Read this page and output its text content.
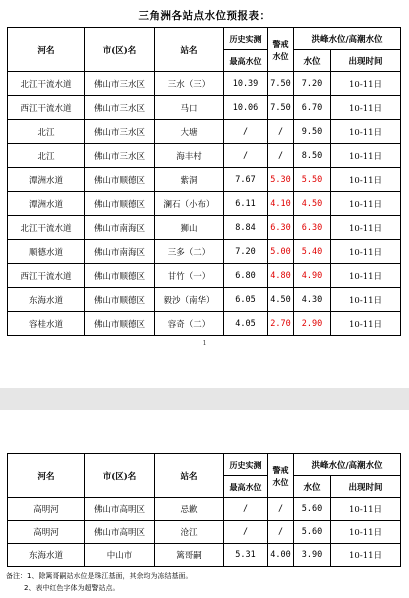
三角洲各站点水位预报表：
河名	市(区)名	站名	历史实测	警戒
水位	洪峰水位/高潮水位	
			最高水位		水位	出现时间
北江干流水道	佛山市三水区	三水（三）	10.39	7.50	7.20	10-11日
西江干流水道	佛山市三水区	马口	10.06	7.50	6.70	10-11日
北江	佛山市三水区	大塘	/	/	9.50	10-11日
北江	佛山市三水区	海丰村	/	/	8.50	10-11日
潭洲水道	佛山市顺德区	紫洞	7.67	5.30	5.50	10-11日
潭洲水道	佛山市顺德区	澜石（小布）	6.11	4.10	4.50	10-11日
北江干流水道	佛山市南海区	狮山	8.84	6.30	6.30	10-11日
顺德水道	佛山市南海区	三多（二）	7.20	5.00	5.40	10-11日
西江干流水道	佛山市顺德区	甘竹（一）	6.80	4.80	4.90	10-11日
东海水道	佛山市顺德区	毅沙（南华）	6.05	4.50	4.30	10-11日
容桂水道	佛山市顺德区	容奇（二）	4.05	2.70	2.90	10-11日
1
河名	市(区)名	站名	历史实测	警戒
水位	洪峰水位/高潮水位	
			最高水位		水位	出现时间
高明河	佛山市高明区	忌歉	/	/	5.60	10-11日
高明河	佛山市高明区	沧江	/	/	5.60	10-11日
东海水道	中山市	篱哥嗣	5.31	4.00	3.90	10-11日
备注：1、除篱哥嗣站水位是珠江基面，其余均为冻结基面。
2、表中红色字体为超警站点。
